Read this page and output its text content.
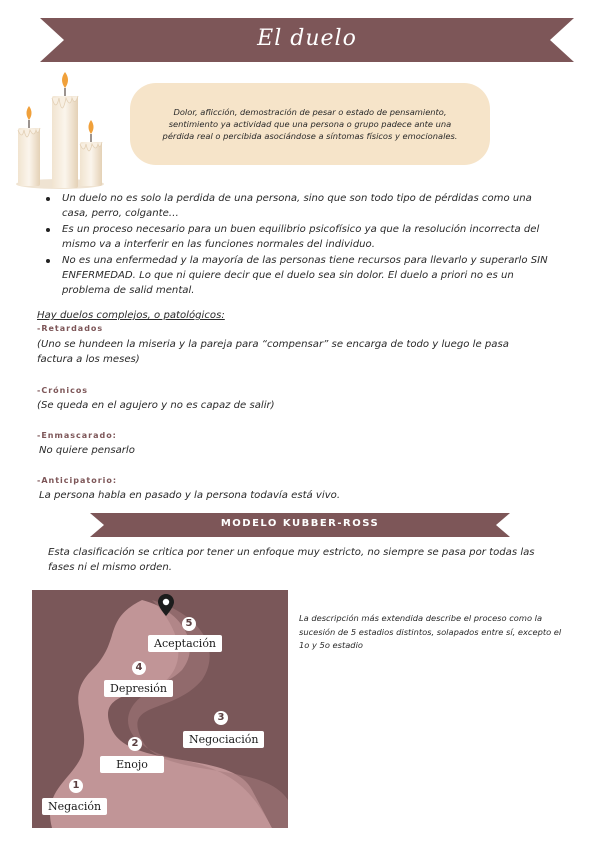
El duelo

Dolor, aflicción, demostración de pesar o estado de pensamiento, sentimiento ya actividad que una persona o grupo padece ante una pérdida real o percibida asociándose a síntomas físicos y emocionales.

Un duelo no es solo la perdida de una persona, sino que son todo tipo de pérdidas como una casa, perro, colgante…
Es un proceso necesario para un buen equilibrio psicofísico ya que la resolución incorrecta del mismo va a interferir en las funciones normales del individuo.
No es una enfermedad y la mayoría de las personas tiene recursos para llevarlo y superarlo SIN ENFERMEDAD. Lo que ni quiere decir que el duelo sea sin dolor. El duelo a priori no es un problema de salid mental.
Hay duelos complejos, o patológicos:
-Retardados
(Uno se hundeen la miseria y la pareja para “compensar” se encarga de todo y luego le pasa factura a los meses)
-Crónicos
(Se queda en el agujero y no es capaz de salir)
-Enmascarado:
No quiere pensarlo
-Anticipatorio:
La persona habla en pasado y la persona todavía está vivo.
MODELO KUBBER-ROSS
Esta clasificación se critica por tener un enfoque muy estricto, no siempre se pasa por todas las fases ni el mismo orden.
5
Aceptación
4
Depresión
3
Negociación
2
Enojo
1
Negación
La descripción más extendida describe el proceso como la sucesión de 5 estadios distintos, solapados entre sí, excepto el 1o y 5o estadio
